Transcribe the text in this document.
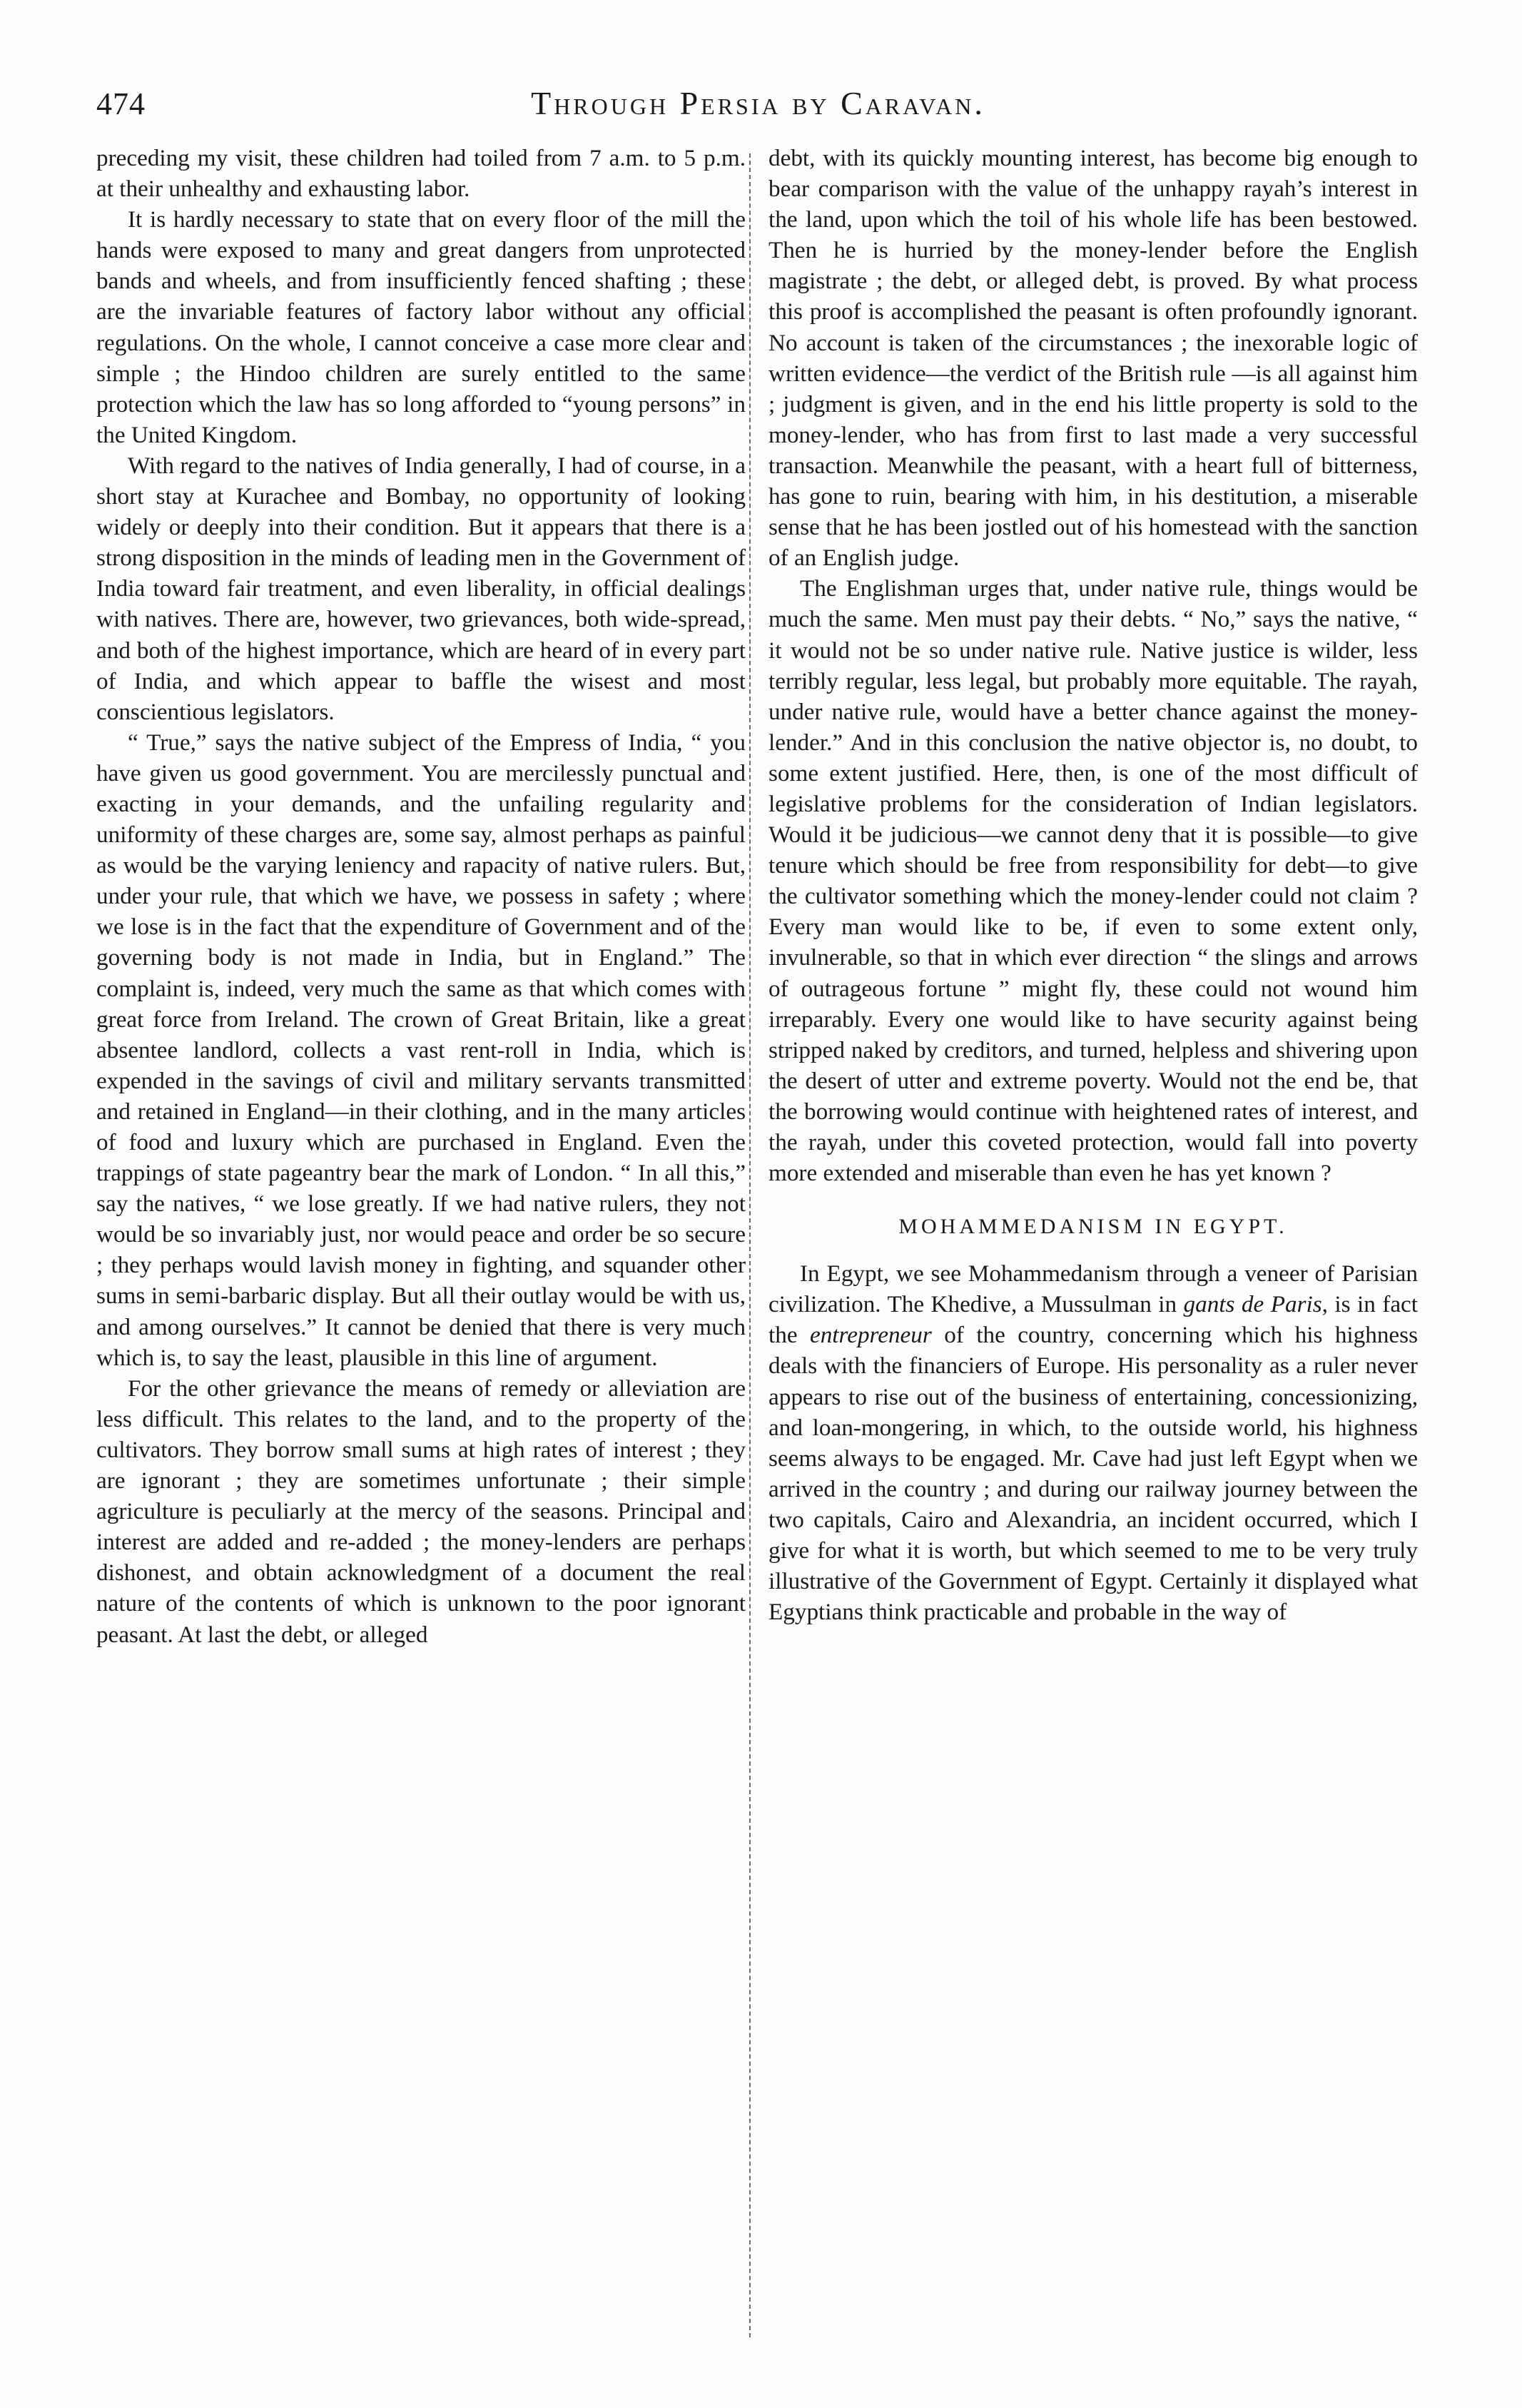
474	Through Persia by Caravan.

preceding my visit, these children had toiled from 7 a.m. to 5 p.m. at their unhealthy and exhausting labor.

It is hardly necessary to state that on every floor of the mill the hands were exposed to many and great dangers from unprotected bands and wheels, and from insufficiently fenced shafting ; these are the invariable features of factory labor without any official regulations. On the whole, I cannot conceive a case more clear and simple ; the Hindoo children are surely entitled to the same protection which the law has so long afforded to “young persons” in the United Kingdom.

With regard to the natives of India generally, I had of course, in a short stay at Kurachee and Bombay, no opportunity of looking widely or deeply into their condition. But it appears that there is a strong disposition in the minds of leading men in the Government of India toward fair treatment, and even liberality, in official dealings with natives. There are, however, two grievances, both wide-spread, and both of the highest importance, which are heard of in every part of India, and which appear to baffle the wisest and most conscientious legislators.

“ True,” says the native subject of the Empress of India, “ you have given us good government. You are mercilessly punctual and exacting in your demands, and the unfailing regularity and uniformity of these charges are, some say, almost perhaps as painful as would be the varying leniency and rapacity of native rulers. But, under your rule, that which we have, we possess in safety ; where we lose is in the fact that the expenditure of Government and of the governing body is not made in India, but in England.” The complaint is, indeed, very much the same as that which comes with great force from Ireland. The crown of Great Britain, like a great absentee landlord, collects a vast rent-roll in India, which is expended in the savings of civil and military servants transmitted and retained in England—in their clothing, and in the many articles of food and luxury which are purchased in England. Even the trappings of state pageantry bear the mark of London. “ In all this,” say the natives, “ we lose greatly. If we had native rulers, they not would be so invariably just, nor would peace and order be so secure ; they perhaps would lavish money in fighting, and squander other sums in semi-barbaric display. But all their outlay would be with us, and among ourselves.” It cannot be denied that there is very much which is, to say the least, plausible in this line of argument.

For the other grievance the means of remedy or alleviation are less difficult. This relates to the land, and to the property of the cultivators. They borrow small sums at high rates of interest ; they are ignorant ; they are sometimes unfortunate ; their simple agriculture is peculiarly at the mercy of the seasons. Principal and interest are added and re-added ; the money-lenders are perhaps dishonest, and obtain acknowledgment of a document the real nature of the contents of which is unknown to the poor ignorant peasant. At last the debt, or alleged

debt, with its quickly mounting interest, has become big enough to bear comparison with the value of the unhappy rayah’s interest in the land, upon which the toil of his whole life has been bestowed. Then he is hurried by the money-lender before the English magistrate ; the debt, or alleged debt, is proved. By what process this proof is accomplished the peasant is often profoundly ignorant. No account is taken of the circumstances ; the inexorable logic of written evidence—the verdict of the British rule —is all against him ; judgment is given, and in the end his little property is sold to the money-lender, who has from first to last made a very successful transaction. Meanwhile the peasant, with a heart full of bitterness, has gone to ruin, bearing with him, in his destitution, a miserable sense that he has been jostled out of his homestead with the sanction of an English judge.

The Englishman urges that, under native rule, things would be much the same. Men must pay their debts. “ No,” says the native, “ it would not be so under native rule. Native justice is wilder, less terribly regular, less legal, but probably more equitable. The rayah, under native rule, would have a better chance against the money-lender.” And in this conclusion the native objector is, no doubt, to some extent justified. Here, then, is one of the most difficult of legislative problems for the consideration of Indian legislators. Would it be judicious—we cannot deny that it is possible—to give tenure which should be free from responsibility for debt—to give the cultivator something which the money-lender could not claim ? Every man would like to be, if even to some extent only, invulnerable, so that in which ever direction “ the slings and arrows of outrageous fortune ” might fly, these could not wound him irreparably. Every one would like to have security against being stripped naked by creditors, and turned, helpless and shivering upon the desert of utter and extreme poverty. Would not the end be, that the borrowing would continue with heightened rates of interest, and the rayah, under this coveted protection, would fall into poverty more extended and miserable than even he has yet known ?

MOHAMMEDANISM IN EGYPT.

In Egypt, we see Mohammedanism through a veneer of Parisian civilization. The Khedive, a Mussulman in gants de Paris, is in fact the entrepreneur of the country, concerning which his highness deals with the financiers of Europe. His personality as a ruler never appears to rise out of the business of entertaining, concessionizing, and loan-mongering, in which, to the outside world, his highness seems always to be engaged. Mr. Cave had just left Egypt when we arrived in the country ; and during our railway journey between the two capitals, Cairo and Alexandria, an incident occurred, which I give for what it is worth, but which seemed to me to be very truly illustrative of the Government of Egypt. Certainly it displayed what Egyptians think practicable and probable in the way of
